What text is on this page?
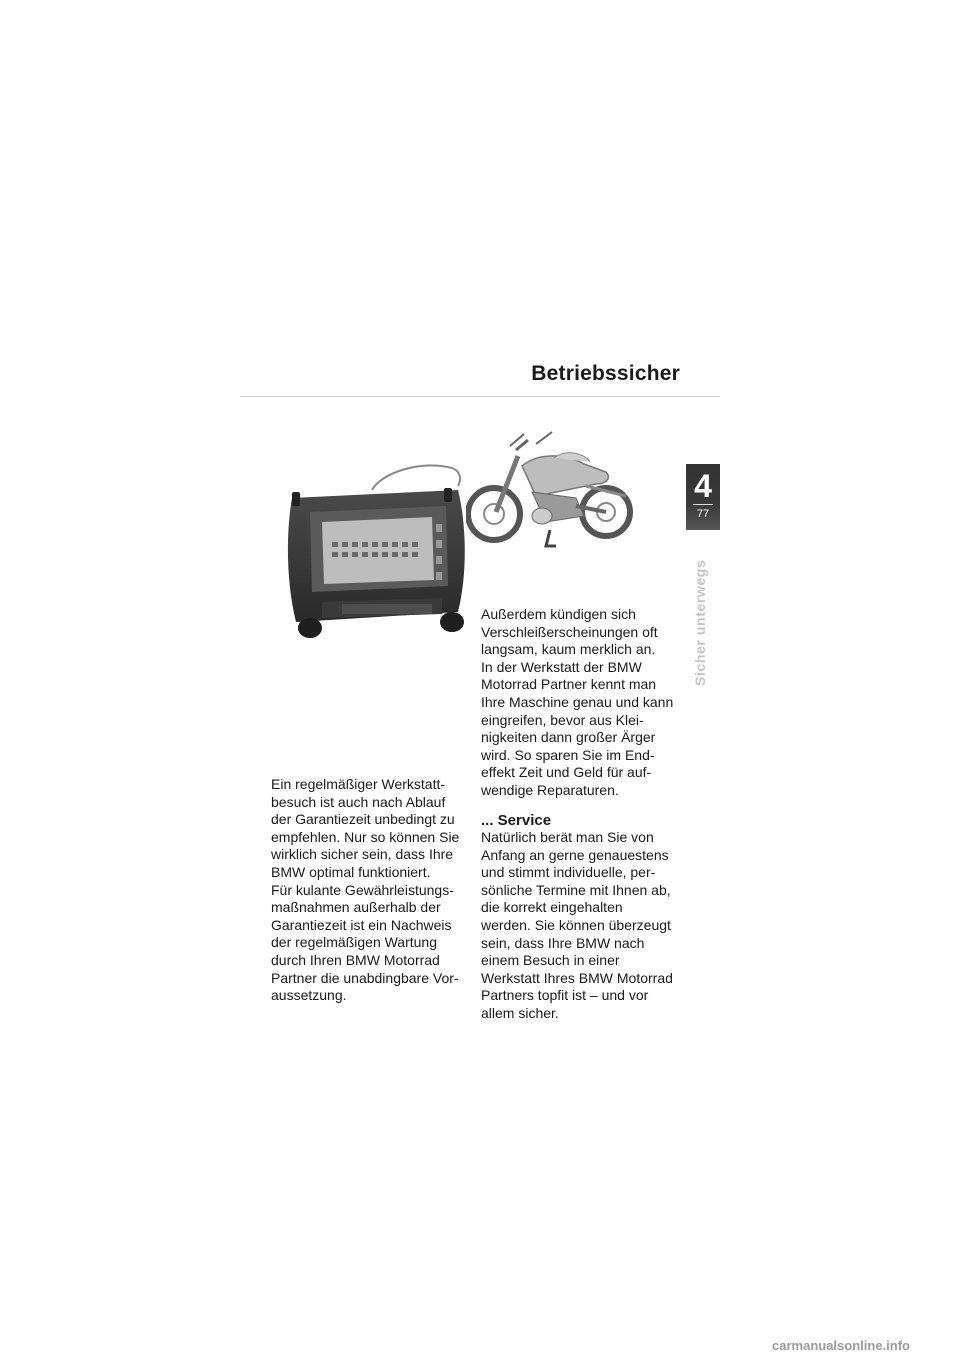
Betriebssicher
4
77
Sicher unterwegs

Ein regelmäßiger Werkstatt-besuch ist auch nach Ablauf der Garantiezeit unbedingt zu empfehlen. Nur so können Sie wirklich sicher sein, dass Ihre BMW optimal funktioniert.

Für kulante Gewährleistungs-maßnahmen außerhalb der Garantiezeit ist ein Nachweis der regelmäßigen Wartung durch Ihren BMW Motorrad Partner die unabdingbare Vor-aussetzung.

Außerdem kündigen sich Verschleißerscheinungen oft langsam, kaum merklich an.

In der Werkstatt der BMW Motorrad Partner kennt man Ihre Maschine genau und kann eingreifen, bevor aus Klei-nigkeiten dann großer Ärger wird. So sparen Sie im End-effekt Zeit und Geld für auf-wendige Reparaturen.

... Service

Natürlich berät man Sie von Anfang an gerne genauestens und stimmt individuelle, per-sönliche Termine mit Ihnen ab, die korrekt eingehalten werden. Sie können überzeugt sein, dass Ihre BMW nach einem Besuch in einer Werkstatt Ihres BMW Motorrad Partners topfit ist – und vor allem sicher.

carmanualsonline.info
